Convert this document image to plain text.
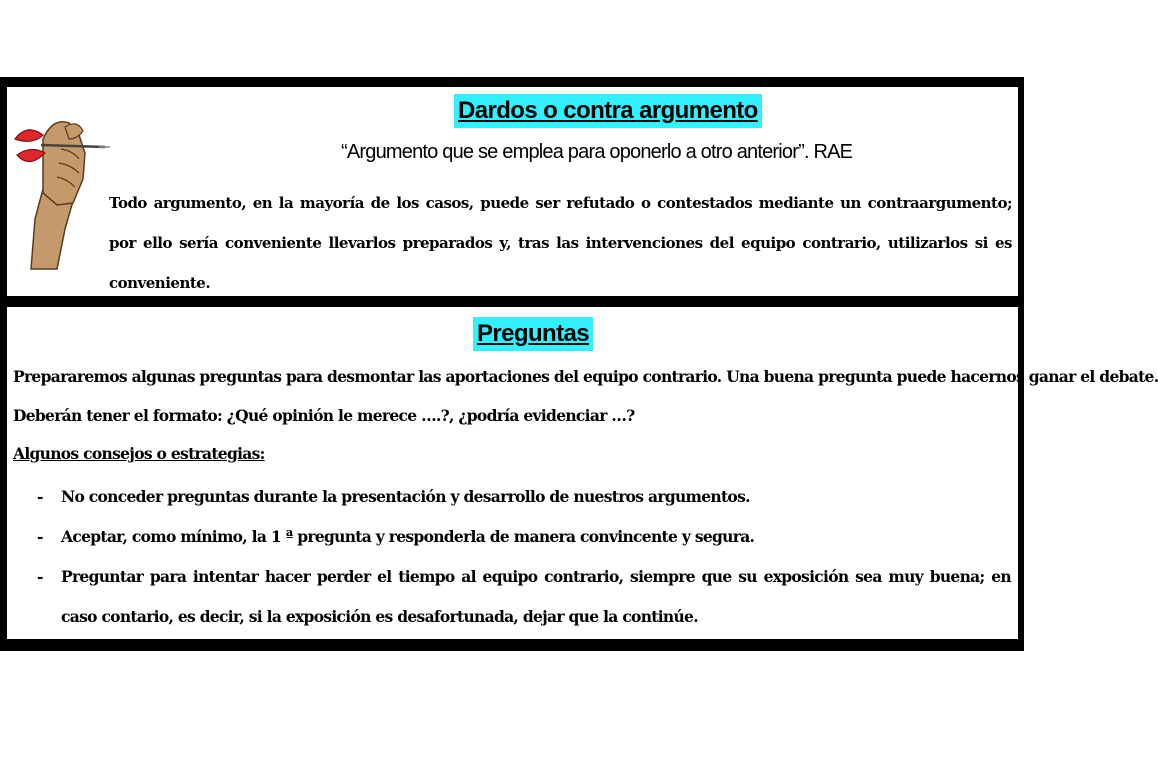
Dardos o contra argumento
“Argumento que se emplea para oponerlo a otro anterior”. RAE
Todo argumento, en la mayoría de los casos, puede ser refutado o contestados mediante un contraargumento; por ello sería conveniente llevarlos preparados y, tras las intervenciones del equipo contrario, utilizarlos si es conveniente.
Preguntas
Prepararemos algunas preguntas para desmontar las aportaciones del equipo contrario. Una buena pregunta puede hacernos ganar el debate.
Deberán tener el formato: ¿Qué opinión le merece ….?, ¿podría evidenciar …?
Algunos consejos o estrategias:
- No conceder preguntas durante la presentación y desarrollo de nuestros argumentos.
- Aceptar, como mínimo, la 1 ª pregunta y responderla de manera convincente y segura.
- Preguntar para intentar hacer perder el tiempo al equipo contrario, siempre que su exposición sea muy buena; en caso contario, es decir, si la exposición es desafortunada, dejar que la continúe.
